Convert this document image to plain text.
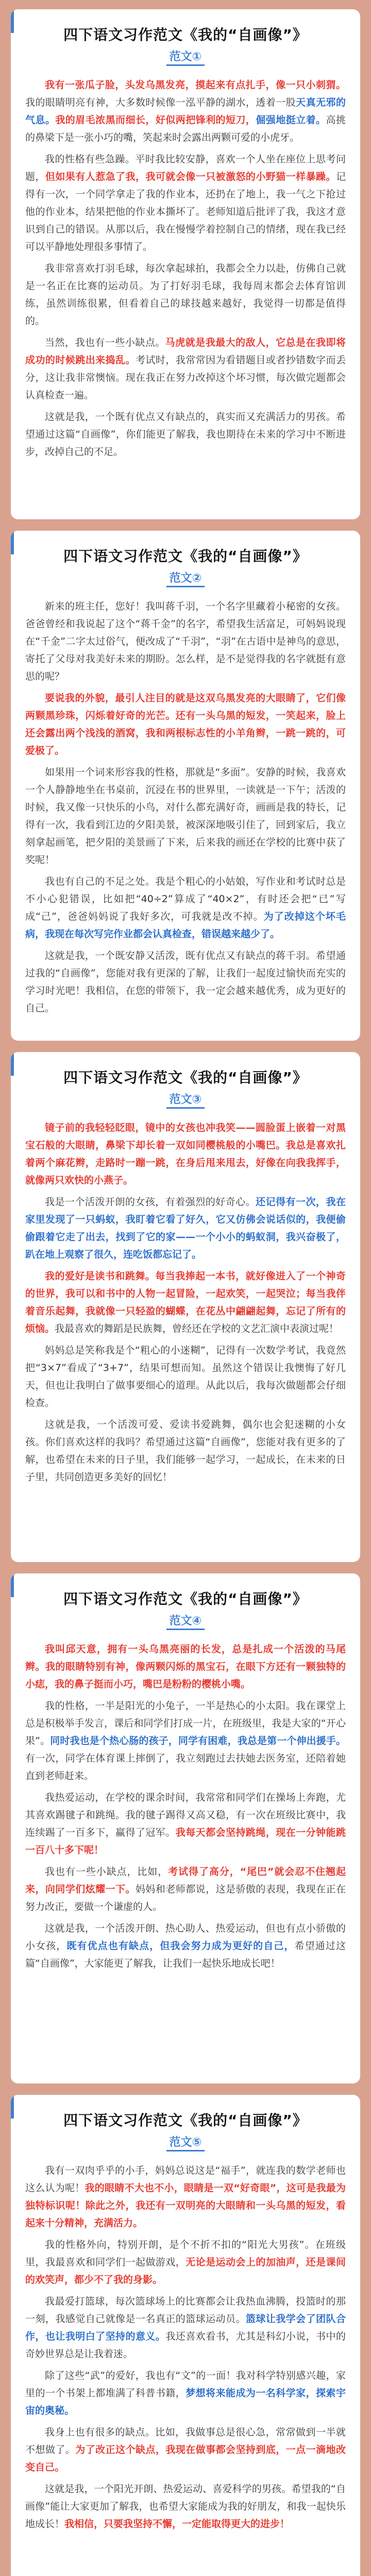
四下语文习作范文《我的“自画像”》
范文①

我有一张瓜子脸，头发乌黑发亮，摸起来有点扎手，像一只小刺猬。我的眼睛明亮有神，大多数时候像一泓平静的湖水，透着一股天真无邪的气息。我的眉毛浓黑而细长，好似两把锋利的短刀，倔强地挺立着。高挑的鼻梁下是一张小巧的嘴，笑起来时会露出两颗可爱的小虎牙。

我的性格有些急躁。平时我比较安静，喜欢一个人坐在座位上思考问题，但如果有人惹急了我，我可就会像一只被激怒的小野猫一样暴躁。记得有一次，一个同学拿走了我的作业本，还扔在了地上，我一气之下抢过他的作业本，结果把他的作业本撕坏了。老师知道后批评了我，我这才意识到自己的错误。从那以后，我在慢慢学着控制自己的情绪，现在我已经可以平静地处理很多事情了。

我非常喜欢打羽毛球，每次拿起球拍，我都会全力以赴，仿佛自己就是一名正在比赛的运动员。为了打好羽毛球，我每周末都会去体育馆训练，虽然训练很累，但看着自己的球技越来越好，我觉得一切都是值得的。

当然，我也有一些小缺点。马虎就是我最大的敌人，它总是在我即将成功的时候跳出来捣乱。考试时，我常常因为看错题目或者抄错数字而丢分，这让我非常懊恼。现在我正在努力改掉这个坏习惯，每次做完题都会认真检查一遍。

这就是我，一个既有优点又有缺点的，真实而又充满活力的男孩。希望通过这篇“自画像”，你们能更了解我，我也期待在未来的学习中不断进步，改掉自己的不足。

四下语文习作范文《我的“自画像”》
范文②

新来的班主任，您好！我叫蒋千羽，一个名字里藏着小秘密的女孩。爸爸曾经和我说起了这个“蒋千金”的名字，希望我生活富足，可妈妈说现在“千金”二字太过俗气，便改成了“千羽”，“羽”在古语中是神鸟的意思，寄托了父母对我美好未来的期盼。怎么样，是不是觉得我的名字就挺有意思的呢？

要说我的外貌，最引人注目的就是这双乌黑发亮的大眼睛了，它们像两颗黑珍珠，闪烁着好奇的光芒。还有一头乌黑的短发，一笑起来，脸上还会露出两个浅浅的酒窝，我和两根标志性的小羊角辫，一跳一跳的，可爱极了。

如果用一个词来形容我的性格，那就是“多面”。安静的时候，我喜欢一个人静静地坐在书桌前，沉浸在书的世界里，一读就是一下午；活泼的时候，我又像一只快乐的小鸟，对什么都充满好奇，画画是我的特长，记得有一次，我看到江边的夕阳美景，被深深地吸引住了，回到家后，我立刻拿起画笔，把夕阳的美景画了下来，后来我的画还在学校的比赛中获了奖呢！

我也有自己的不足之处。我是个粗心的小姑娘，写作业和考试时总是不小心犯错误，比如把“40÷2”算成了“40×2”，有时还会把“已”写成“己”，爸爸妈妈说了我好多次，可我就是改不掉。为了改掉这个坏毛病，我现在每次写完作业都会认真检查，错误越来越少了。

这就是我，一个既安静又活泼，既有优点又有缺点的蒋千羽。希望通过我的“自画像”，您能对我有更深的了解，让我们一起度过愉快而充实的学习时光吧！我相信，在您的带领下，我一定会越来越优秀，成为更好的自己。

四下语文习作范文《我的“自画像”》
范文③

镜子前的我轻轻眨眼，镜中的女孩也冲我笑——圆脸蛋上嵌着一对黑宝石般的大眼睛，鼻梁下却长着一双如同樱桃般的小嘴巴。我总是喜欢扎着两个麻花辫，走路时一蹦一跳，在身后甩来甩去，好像在向我我挥手，就像两只欢快的小燕子。

我是一个活泼开朗的女孩，有着强烈的好奇心。还记得有一次，我在家里发现了一只蚂蚁，我盯着它看了好久，它又仿佛会说话似的，我便偷偷跟着它走了出去，找到了它的家——一个小小的蚂蚁洞，我兴奋极了，趴在地上观察了很久，连吃饭都忘记了。

我的爱好是读书和跳舞。每当我捧起一本书，就好像进入了一个神奇的世界，我可以和书中的人物一起冒险，一起欢笑，一起哭泣；每当我伴着音乐起舞，我就像一只轻盈的蝴蝶，在花丛中翩翩起舞，忘记了所有的烦恼。我最喜欢的舞蹈是民族舞，曾经还在学校的文艺汇演中表演过呢！

妈妈总是笑称我是个“粗心的小迷糊”，记得有一次数学考试，我竟然把“3×7”看成了“3+7”，结果可想而知。虽然这个错误让我懊悔了好几天，但也让我明白了做事要细心的道理。从此以后，我每次做题都会仔细检查。

这就是我，一个活泼可爱、爱读书爱跳舞，偶尔也会犯迷糊的小女孩。你们喜欢这样的我吗？希望通过这篇“自画像”，您能对我有更多的了解，也希望在未来的日子里，我们能够一起学习，一起成长，在未来的日子里，共同创造更多美好的回忆！

四下语文习作范文《我的“自画像”》
范文④

我叫邱天意，拥有一头乌黑亮丽的长发，总是扎成一个活泼的马尾辫。我的眼睛特别有神，像两颗闪烁的黑宝石，在眼下方还有一颗独特的小痣，我的鼻子挺而小巧，嘴巴是粉粉的樱桃小嘴。

我的性格，一半是阳光的小兔子，一半是热心的小太阳。我在课堂上总是积极举手发言，课后和同学们打成一片，在班级里，我是大家的“开心果”。同时我也是个热心肠的孩子，同学有困难，我总是第一个伸出援手。有一次，同学在体育课上摔倒了，我立刻跑过去扶她去医务室，还陪着她直到老师赶来。

我热爱运动，在学校的课余时间，我常常和同学们在操场上奔跑，尤其喜欢踢毽子和跳绳。我的毽子踢得又高又稳，有一次在班级比赛中，我连续踢了一百多下，赢得了冠军。我每天都会坚持跳绳，现在一分钟能跳一百八十多下呢！

我也有一些小缺点，比如，考试得了高分，“尾巴”就会忍不住翘起来，向同学们炫耀一下。妈妈和老师都说，这是骄傲的表现，我现在正在努力改正，要做一个谦虚的人。

这就是我，一个活泼开朗、热心助人、热爱运动，但也有点小骄傲的小女孩，既有优点也有缺点，但我会努力成为更好的自己，希望通过这篇“自画像”，大家能更了解我，让我们一起快乐地成长吧！

四下语文习作范文《我的“自画像”》
范文⑤

我有一双肉乎乎的小手，妈妈总说这是“福手”，就连我的数学老师也这么认为呢！我的眼睛不大也不小，眼睛是一双“好奇眼”，这可是我最为独特标识呢！除此之外，我还有一双明亮的大眼睛和一头乌黑的短发，看起来十分精神，充满活力。

我的性格外向，特别开朗，是个不折不扣的“阳光大男孩”。在班级里，我最喜欢和同学们一起做游戏，无论是运动会上的加油声，还是课间的欢笑声，都少不了我的身影。

我最爱打篮球，每次篮球场上的比赛都会让我热血沸腾，投篮时的那一刻，我感觉自己就像是一名真正的篮球运动员。篮球让我学会了团队合作，也让我明白了坚持的意义。我还喜欢看书，尤其是科幻小说，书中的奇妙世界总是让我着迷。

除了这些“武”的爱好，我也有“文”的一面！我对科学特别感兴趣，家里的一个书架上都堆满了科普书籍，梦想将来能成为一名科学家，探索宇宙的奥秘。

我身上也有很多的缺点。比如，我做事总是很心急，常常做到一半就不想做了。为了改正这个缺点，我现在做事都会坚持到底，一点一滴地改变自己。

这就是我，一个阳光开朗、热爱运动、喜爱科学的男孩。希望我的“自画像”能让大家更加了解我，也希望大家能成为我的好朋友，和我一起快乐地成长！我相信，只要我坚持不懈，一定能取得更大的进步！
